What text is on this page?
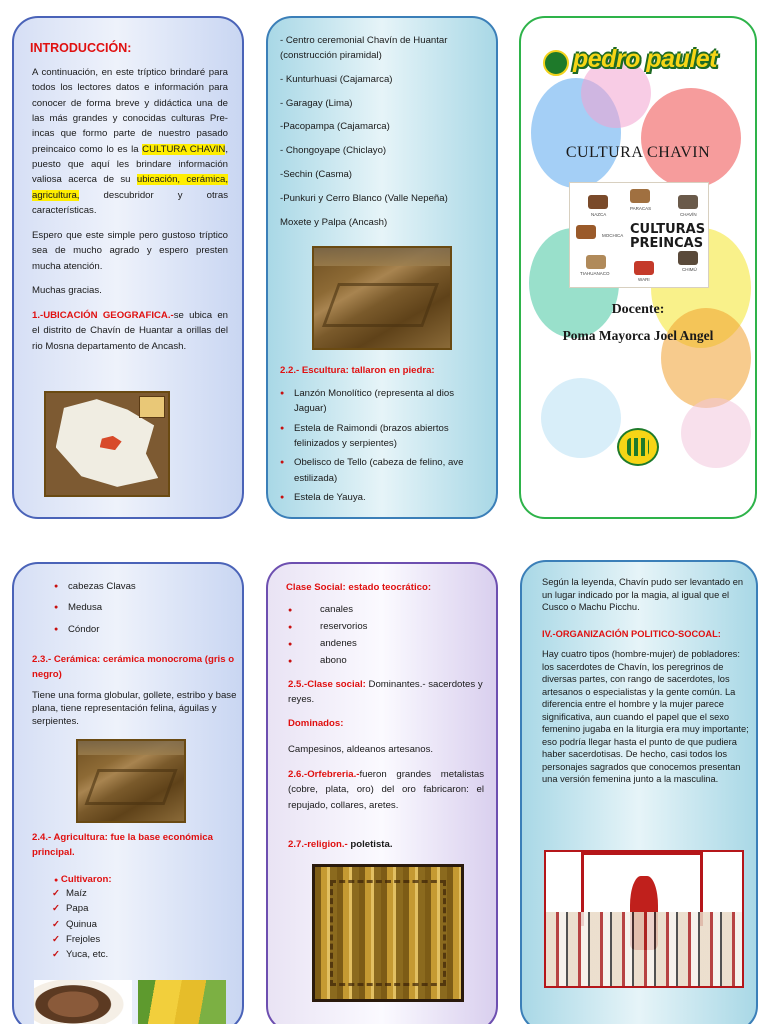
INTRODUCCIÓN:
A continuación, en este tríptico brindaré para todos los lectores datos e información para conocer de forma breve y didáctica una de las más grandes y conocidas culturas Pre-incas que formo parte de nuestro pasado preincaico como lo es la CULTURA CHAVIN, puesto que aquí les brindare información valiosa acerca de su ubicación, cerámica, agricultura, descubridor y otras características.
Espero que este simple pero gustoso tríptico sea de mucho agrado y espero presten mucha atención.
Muchas gracias.
1.-UBICACIÓN GEOGRAFICA.-se ubica en el distrito de Chavín de Huantar a orillas del rio Mosna departamento de Ancash.
- Centro ceremonial Chavín de Huantar (construcción piramidal)
- Kunturhuasi (Cajamarca)
- Garagay (Lima)
-Pacopampa (Cajamarca)
- Chongoyape (Chiclayo)
-Sechin (Casma)
-Punkuri y Cerro Blanco (Valle Nepeña)
Moxete y Palpa (Ancash)
2.2.- Escultura: tallaron en piedra:
● Lanzón Monolítico (representa al dios Jaguar)
● Estela de Raimondi (brazos abiertos felinizados y serpientes)
● Obelisco de Tello (cabeza de felino, ave estilizada)
● Estela de Yauya.
pedro paulet
CULTURA CHAVIN
NAZCA
PARACAS
CHAVÍN
MOCHICA CULTURAS
PREINCAS
TIAHUANACO
WARI
CHIMÚ
Docente:
Poma Mayorca Joel Angel
● cabezas Clavas
● Medusa
● Cóndor
2.3.- Cerámica: cerámica monocroma (gris o negro)
Tiene una forma globular, gollete, estribo y base plana, tiene representación felina, águilas y serpientes.
2.4.- Agricultura: fue la base económica principal.
● Cultivaron:
✓ Maíz
✓ Papa
✓ Quinua
✓ Frejoles
✓ Yuca, etc.
Clase Social: estado teocrático:
● canales
● reservorios
● andenes
● abono
2.5.-Clase social: Dominantes.- sacerdotes y reyes.
Dominados:
Campesinos, aldeanos artesanos.
2.6.-Orfebreria.-fueron grandes metalistas (cobre, plata, oro) del oro fabricaron: el repujado, collares, aretes.
2.7.-religion.- poletista.
Según la leyenda, Chavín pudo ser levantado en un lugar indicado por la magia, al igual que el Cusco o Machu Picchu.
IV.-ORGANIZACIÓN POLITICO-SOCOAL:
Hay cuatro tipos (hombre-mujer) de pobladores: los sacerdotes de Chavín, los peregrinos de diversas partes, con rango de sacerdotes, los artesanos o especialistas y la gente común. La diferencia entre el hombre y la mujer parece significativa, aun cuando el papel que el sexo femenino jugaba en la liturgia era muy importante; eso podría llegar hasta el punto de que pudiera haber sacerdotisas. De hecho, casi todos los personajes sagrados que conocemos presentan una versión femenina junto a la masculina.
